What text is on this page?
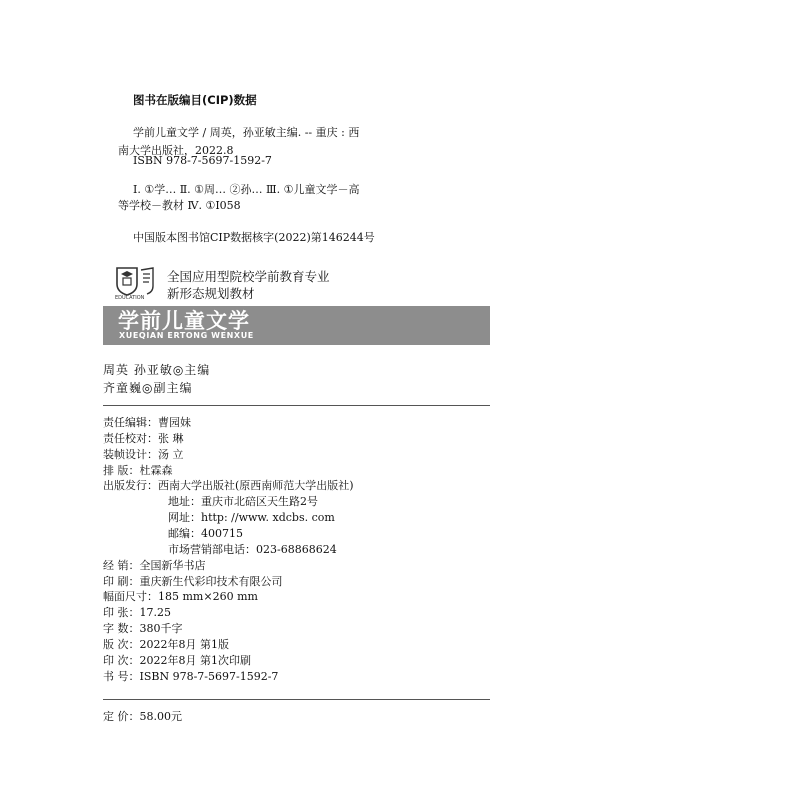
图书在版编目(CIP)数据
学前儿童文学 / 周英，孙亚敏主编. -- 重庆 : 西
南大学出版社，2022.8
ISBN 978-7-5697-1592-7
Ⅰ. ①学… Ⅱ. ①周… ②孙… Ⅲ. ①儿童文学－高
等学校－教材 Ⅳ. ①I058
中国版本图书馆CIP数据核字(2022)第146244号
EDUCATION
全国应用型院校学前教育专业
新形态规划教材
学前儿童文学
XUEQIAN ERTONG WENXUE
周英 孙亚敏◎主编
齐童巍◎副主编
责任编辑：曹园妹
责任校对：张 琳
装帧设计：汤 立
排 版：杜霖森
出版发行：西南大学出版社(原西南师范大学出版社)
地址：重庆市北碚区天生路2号
网址：http: //www. xdcbs. com
邮编：400715
市场营销部电话：023-68868624
经 销：全国新华书店
印 刷：重庆新生代彩印技术有限公司
幅面尺寸：185 mm×260 mm
印 张：17.25
字 数：380千字
版 次：2022年8月 第1版
印 次：2022年8月 第1次印刷
书 号：ISBN 978-7-5697-1592-7
定 价：58.00元
